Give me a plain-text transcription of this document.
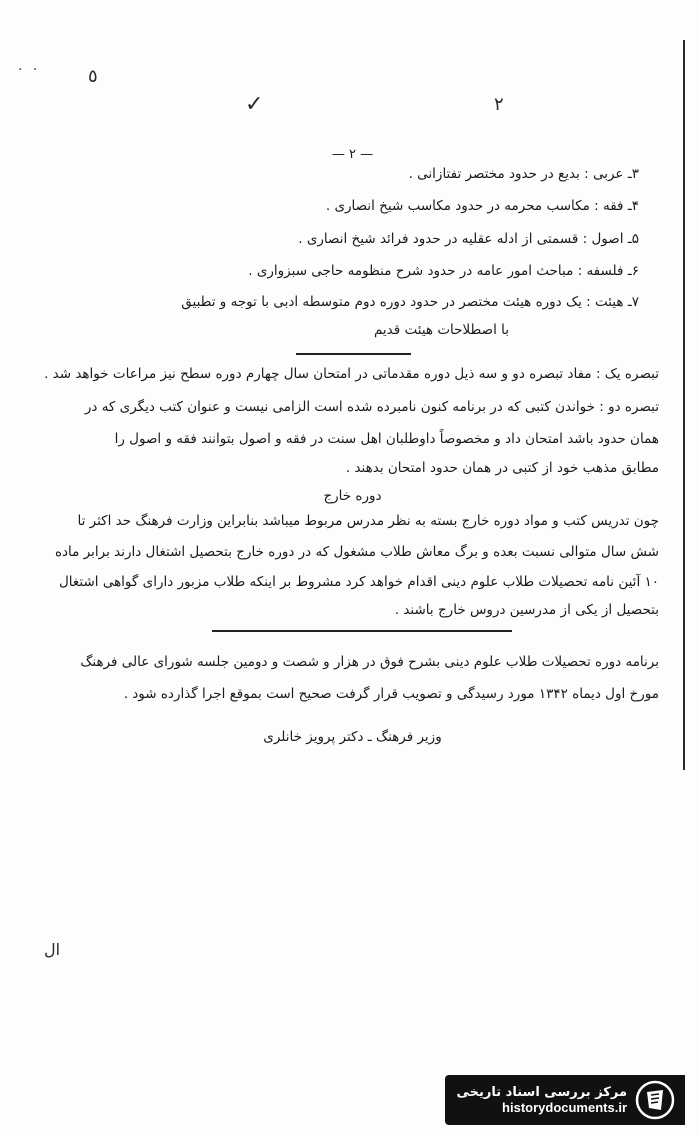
· ·	٥
✓	٢
— ۲ —
۳ـ عربی : بدیع در حدود مختصر تفتازانی .
۴ـ فقه : مکاسب محرمه در حدود مکاسب شیخ انصاری .
۵ـ اصول : قسمتی از ادله عقلیه در حدود فرائد شیخ انصاری .
۶ـ فلسفه : مباحث امور عامه در حدود شرح منظومه حاجی سبزواری .
۷ـ هیئت : یک دوره هیئت مختصر در حدود دوره دوم متوسطه ادبی با توجه و تطبیق
با اصطلاحات هیئت قدیم
تبصره یک : مفاد تبصره دو و سه ذیل دوره مقدماتی در امتحان سال چهارم دوره سطح نیز مراعات خواهد شد .
تبصره دو : خواندن کتبی که در برنامه کنون نامبرده شده است الزامی نیست و عنوان کتب دیگری که در
همان حدود باشد امتحان داد و مخصوصاً داوطلبان اهل سنت در فقه و اصول بتوانند فقه و اصول را
مطابق مذهب خود از کتبی در همان حدود امتحان بدهند .
دوره خارج
چون تدریس کتب و مواد دوره خارج بسته به نظر مدرس مربوط میباشد بنابراین وزارت فرهنگ حد اکثر تا
شش سال متوالی نسبت بعده و برگ معاش طلاب مشغول که در دوره خارج بتحصیل اشتغال دارند برابر ماده
۱۰ آئین نامه تحصیلات طلاب علوم دینی اقدام خواهد کرد مشروط بر اینکه طلاب مزبور دارای گواهی اشتغال
بتحصیل از یکی از مدرسین دروس خارج باشند .
برنامه دوره تحصیلات طلاب علوم دینی بشرح فوق در هزار و شصت و دومین جلسه شورای عالی فرهنگ
مورخ اول دیماه ۱۳۴۲ مورد رسیدگی و تصویب قرار گرفت صحیح است بموقع اجرا گذارده شود .
وزیر فرهنگ ـ دکتر پرویز خانلری
ال
مرکز بررسی اسناد تاریخی
historydocuments.ir
